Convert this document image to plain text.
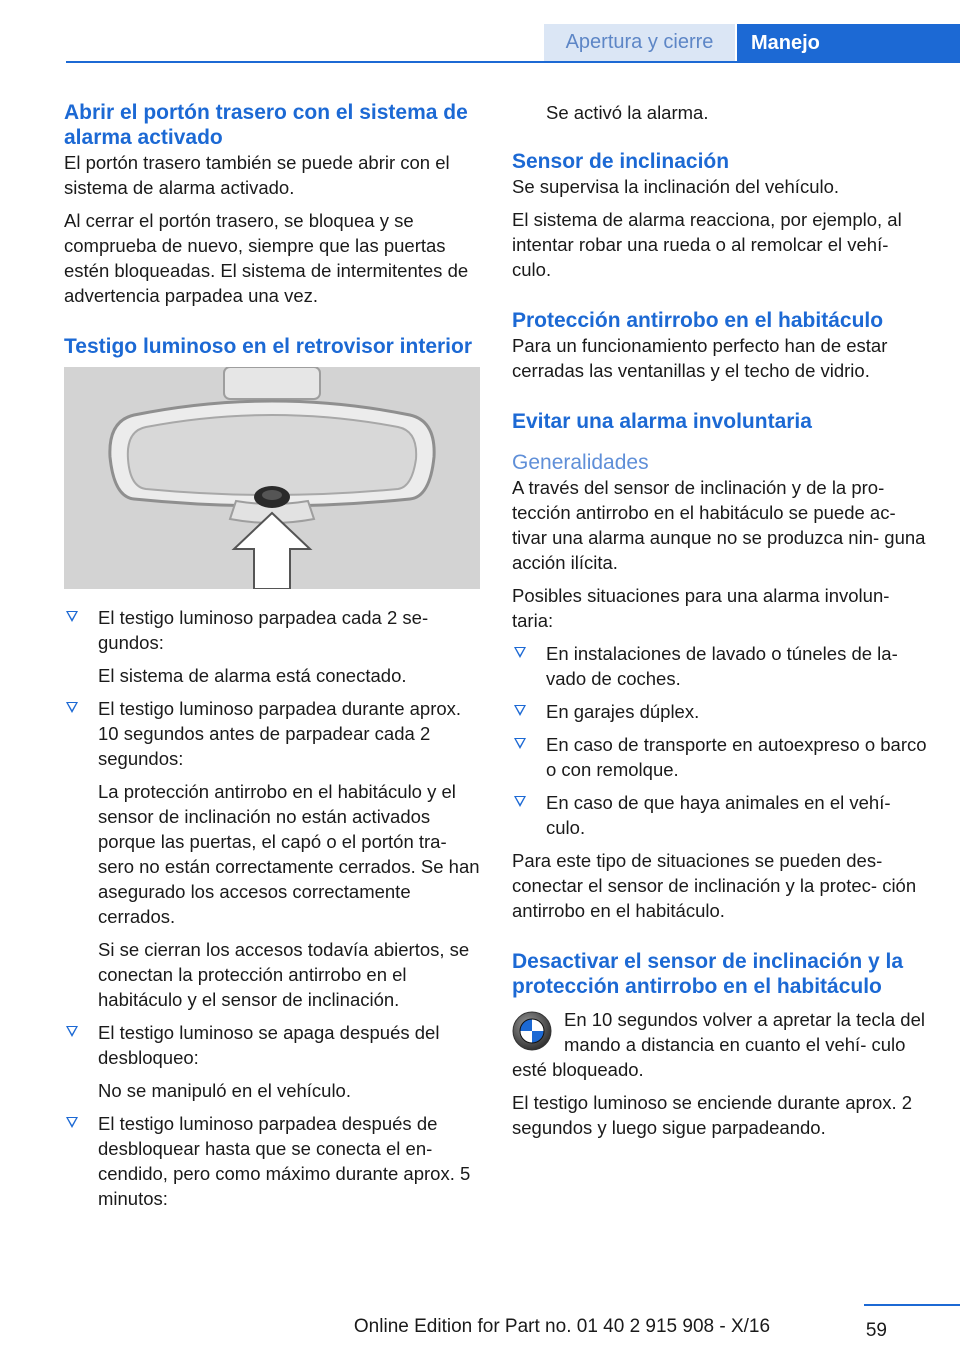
Apertura y cierre	Manejo
Abrir el portón trasero con el sistema de alarma activado

El portón trasero también se puede abrir con el sistema de alarma activado.

Al cerrar el portón trasero, se bloquea y se comprueba de nuevo, siempre que las puertas estén bloqueadas. El sistema de intermitentes de advertencia parpadea una vez.

Testigo luminoso en el retrovisor interior
El testigo luminoso parpadea cada 2 se‐ gundos:
El sistema de alarma está conectado.
El testigo luminoso parpadea durante aprox. 10 segundos antes de parpadear cada 2 segundos:
La protección antirrobo en el habitáculo y el sensor de inclinación no están activados porque las puertas, el capó o el portón tra‐ sero no están correctamente cerrados. Se han asegurado los accesos correctamente cerrados.
Si se cierran los accesos todavía abiertos, se conectan la protección antirrobo en el habitáculo y el sensor de inclinación.
El testigo luminoso se apaga después del desbloqueo:
No se manipuló en el vehículo.
El testigo luminoso parpadea después de desbloquear hasta que se conecta el en‐ cendido, pero como máximo durante aprox. 5 minutos:

Se activó la alarma.

Sensor de inclinación

Se supervisa la inclinación del vehículo.

El sistema de alarma reacciona, por ejemplo, al intentar robar una rueda o al remolcar el vehí‐ culo.

Protección antirrobo en el habitáculo

Para un funcionamiento perfecto han de estar cerradas las ventanillas y el techo de vidrio.

Evitar una alarma involuntaria
Generalidades

A través del sensor de inclinación y de la pro‐ tección antirrobo en el habitáculo se puede ac‐ tivar una alarma aunque no se produzca nin‐ guna acción ilícita.

Posibles situaciones para una alarma involun‐ taria:

En instalaciones de lavado o túneles de la‐ vado de coches.
En garajes dúplex.
En caso de transporte en autoexpreso o barco o con remolque.
En caso de que haya animales en el vehí‐ culo.

Para este tipo de situaciones se pueden des‐ conectar el sensor de inclinación y la protec‐ ción antirrobo en el habitáculo.

Desactivar el sensor de inclinación y la protección antirrobo en el habitáculo

En 10 segundos volver a apretar la tecla del mando a distancia en cuanto el vehí‐ culo esté bloqueado.

El testigo luminoso se enciende durante aprox. 2 segundos y luego sigue parpadeando.

59
Online Edition for Part no. 01 40 2 915 908 - X/16
